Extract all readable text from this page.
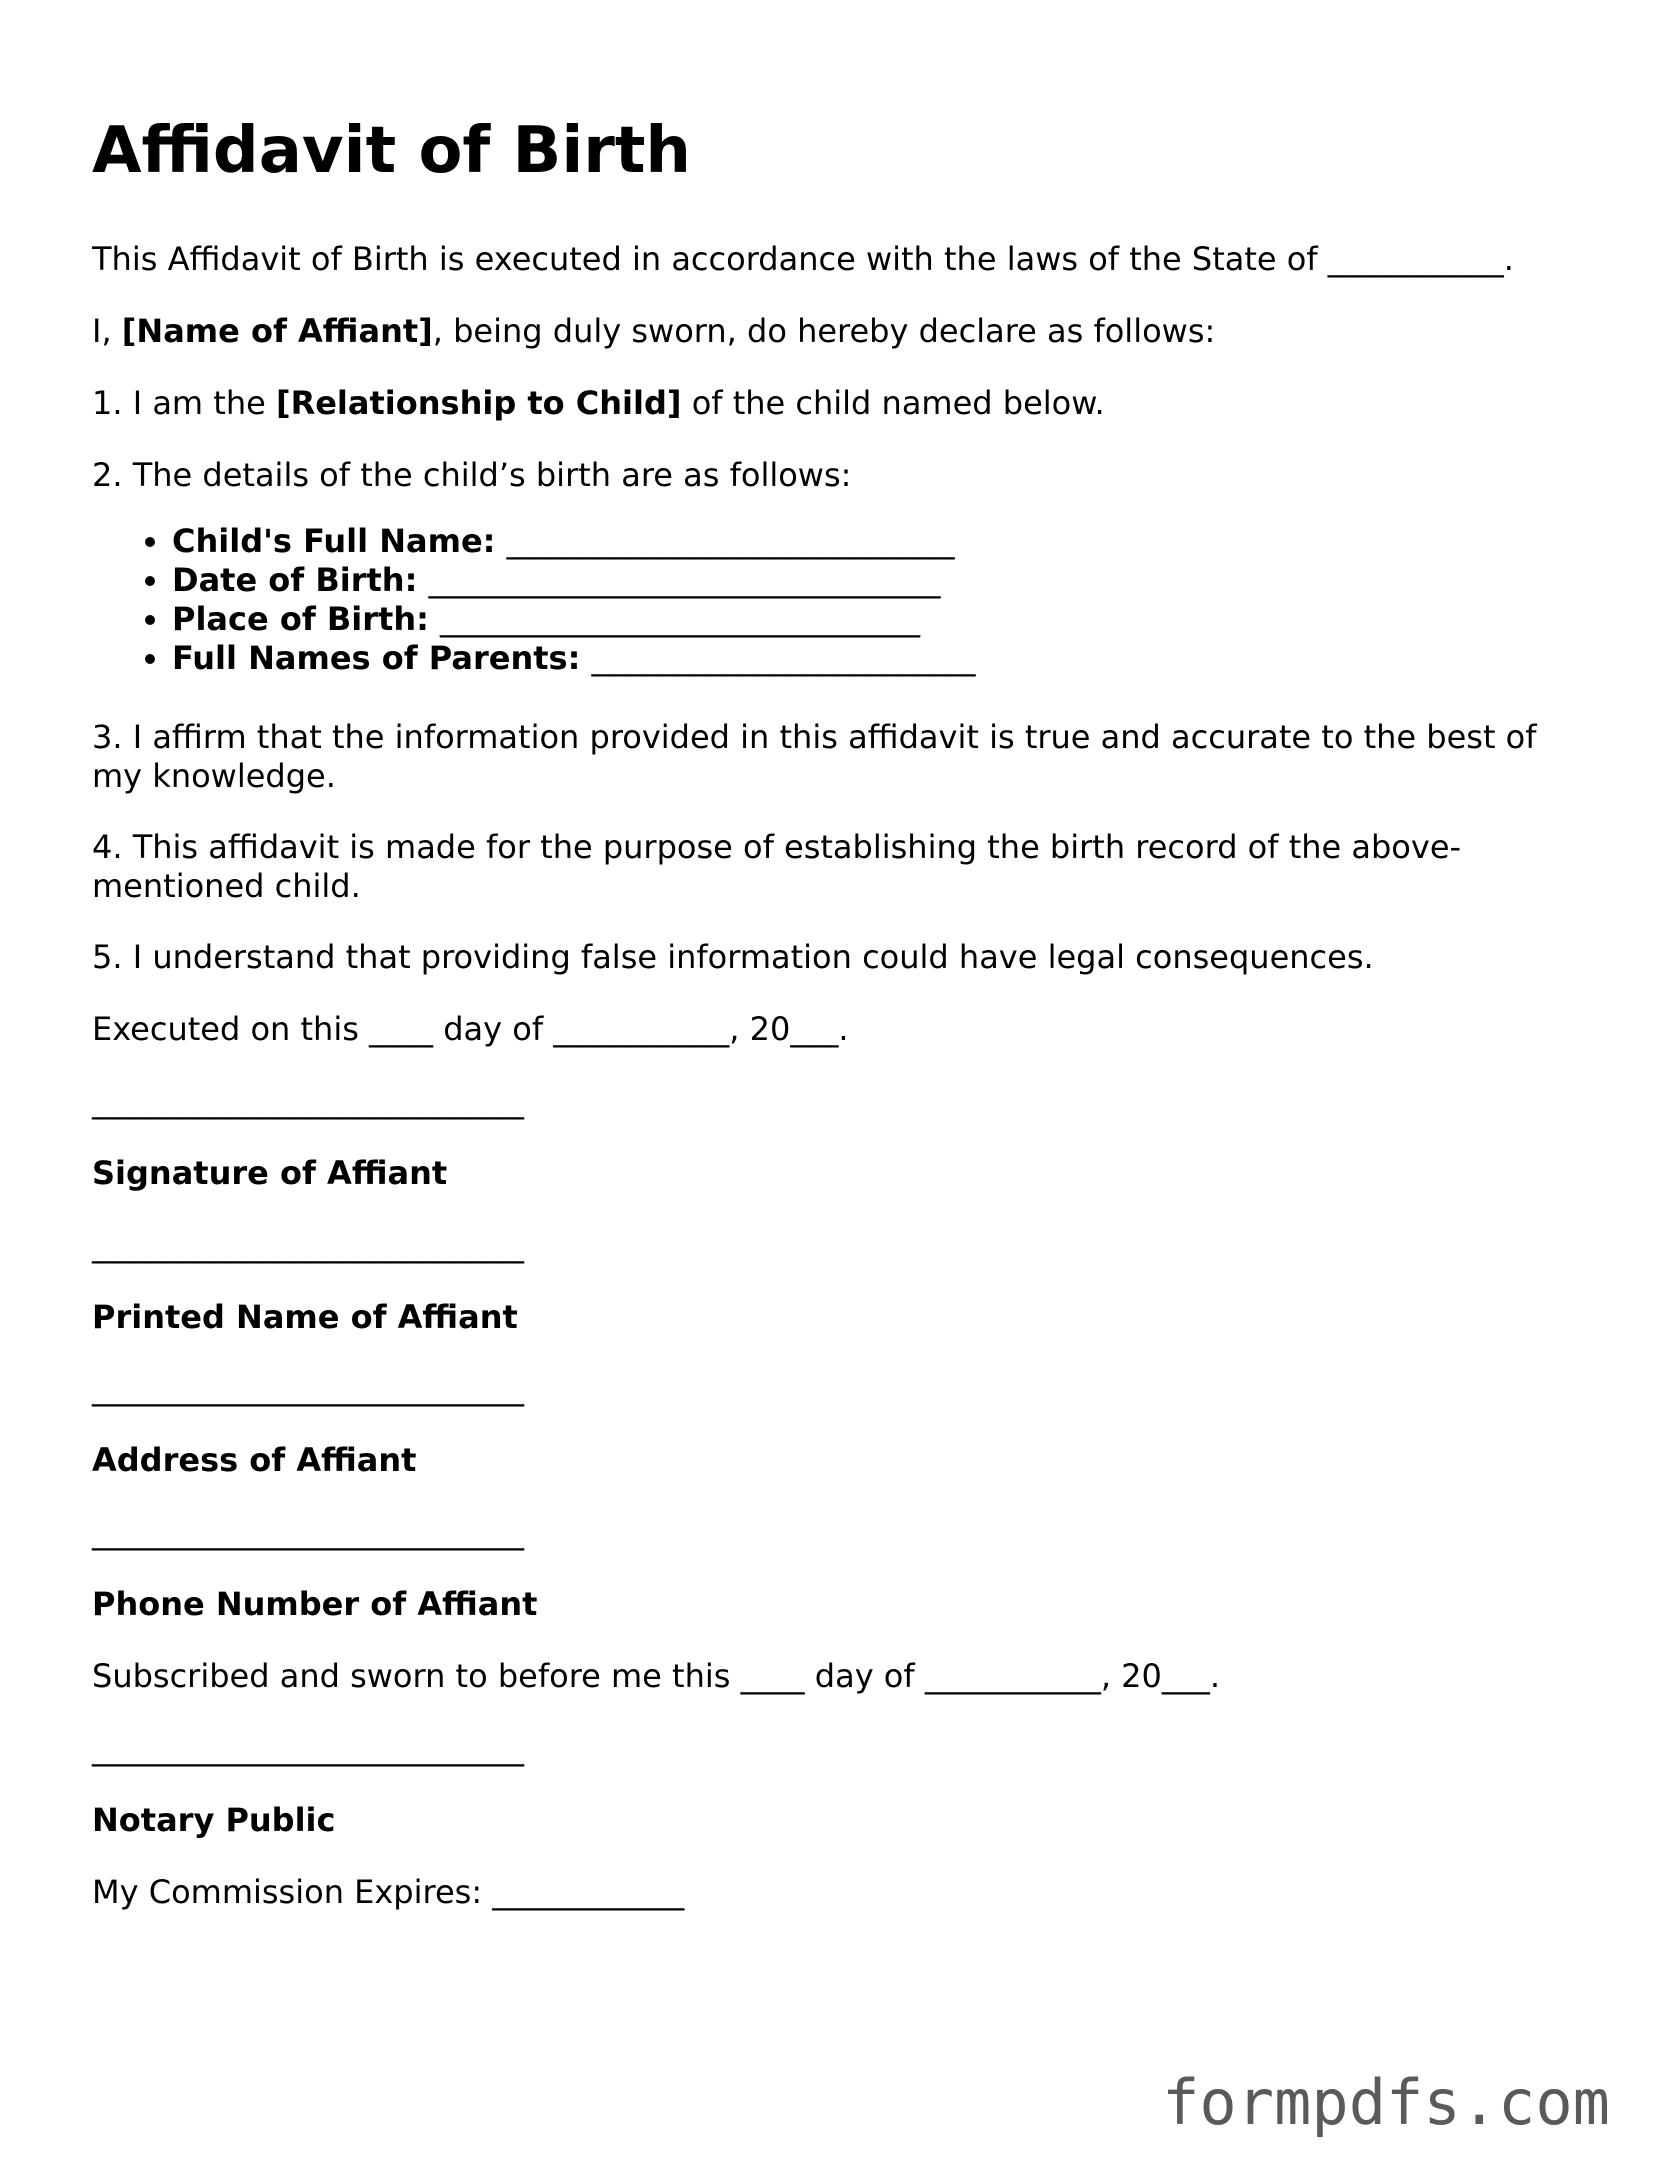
Affidavit of Birth

This Affidavit of Birth is executed in accordance with the laws of the State of ___________.

I, [Name of Affiant], being duly sworn, do hereby declare as follows:

1. I am the [Relationship to Child] of the child named below.

2. The details of the child’s birth are as follows:

• Child's Full Name: ____________________________
• Date of Birth: ________________________________
• Place of Birth: ______________________________
• Full Names of Parents: ________________________

3. I affirm that the information provided in this affidavit is true and accurate to the best of my knowledge.

4. This affidavit is made for the purpose of establishing the birth record of the above-mentioned child.

5. I understand that providing false information could have legal consequences.

Executed on this ____ day of ___________, 20___.

___________________________

Signature of Affiant

___________________________

Printed Name of Affiant

___________________________

Address of Affiant

___________________________

Phone Number of Affiant

Subscribed and sworn to before me this ____ day of ___________, 20___.

___________________________

Notary Public

My Commission Expires: ____________

formpdfs.com
